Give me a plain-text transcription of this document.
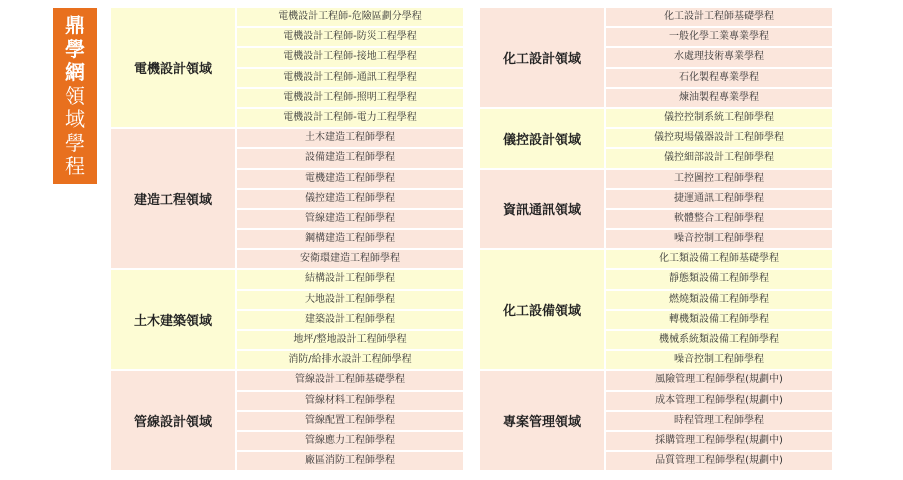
鼎
學
網
領
域
學
程
電機設計領域
電機設計工程師-危險區劃分學程
電機設計工程師-防災工程學程
電機設計工程師-接地工程學程
電機設計工程師-通訊工程學程
電機設計工程師-照明工程學程
電機設計工程師-電力工程學程
建造工程領域
土木建造工程師學程
設備建造工程師學程
電機建造工程師學程
儀控建造工程師學程
管線建造工程師學程
鋼構建造工程師學程
安衛環建造工程師學程
土木建築領域
結構設計工程師學程
大地設計工程師學程
建築設計工程師學程
地坪/整地設計工程師學程
消防/給排水設計工程師學程
管線設計領域
管線設計工程師基礎學程
管線材料工程師學程
管線配置工程師學程
管線應力工程師學程
廠區消防工程師學程
化工設計領域
化工設計工程師基礎學程
一般化學工業專業學程
水處理技術專業學程
石化製程專業學程
煉油製程專業學程
儀控設計領域
儀控控制系統工程師學程
儀控現場儀器設計工程師學程
儀控細部設計工程師學程
資訊通訊領域
工控圖控工程師學程
捷運通訊工程師學程
軟體整合工程師學程
噪音控制工程師學程
化工設備領域
化工類設備工程師基礎學程
靜態類設備工程師學程
燃燒類設備工程師學程
轉機類設備工程師學程
機械系統類設備工程師學程
噪音控制工程師學程
專案管理領域
風險管理工程師學程(規劃中)
成本管理工程師學程(規劃中)
時程管理工程師學程
採購管理工程師學程(規劃中)
品質管理工程師學程(規劃中)
